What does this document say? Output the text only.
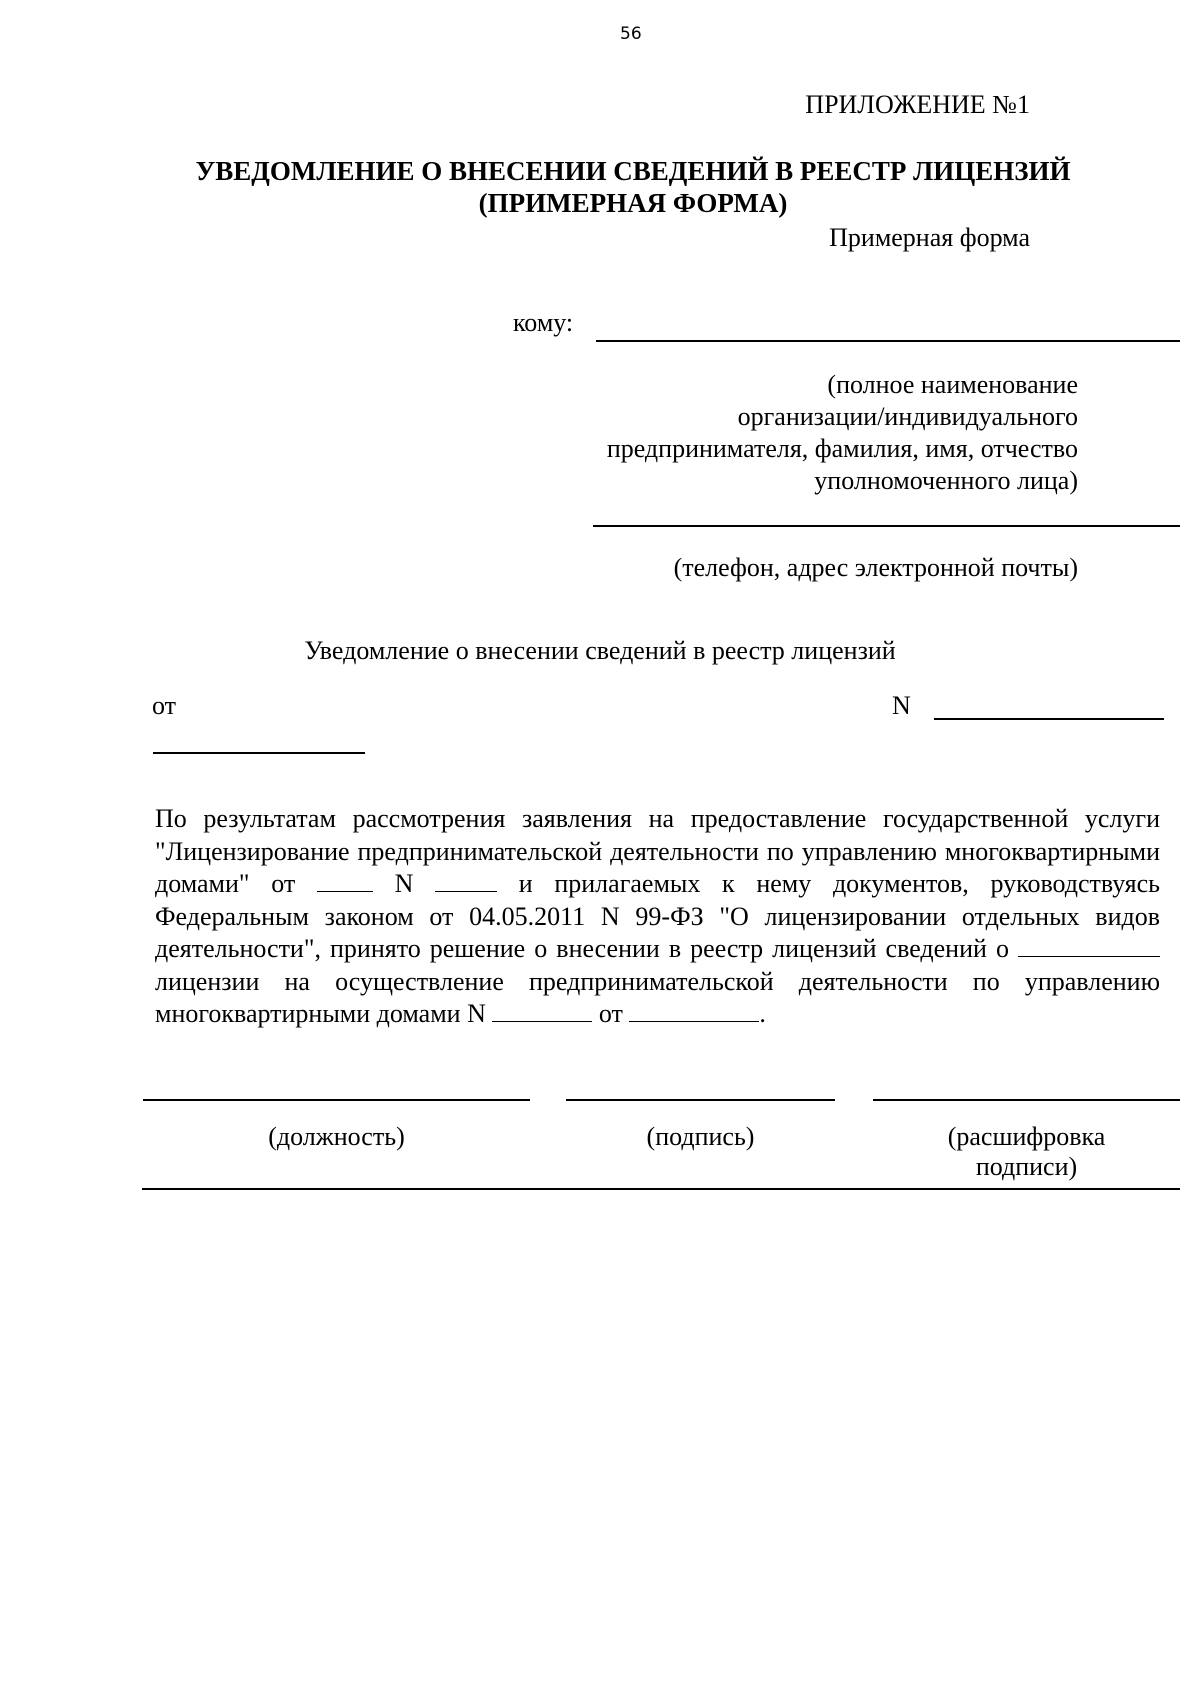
56
ПРИЛОЖЕНИЕ №1
УВЕДОМЛЕНИЕ О ВНЕСЕНИИ СВЕДЕНИЙ В РЕЕСТР ЛИЦЕНЗИЙ
(ПРИМЕРНАЯ ФОРМА)
Примерная форма
кому:
(полное наименование
организации/индивидуального
предпринимателя, фамилия, имя, отчество
уполномоченного лица)
(телефон, адрес электронной почты)
Уведомление о внесении сведений в реестр лицензий
от	N
По результатам рассмотрения заявления на предоставление государственной услуги "Лицензирование предпринимательской деятельности по управлению многоквартирными домами" от	N	и прилагаемых к нему документов, руководствуясь Федеральным законом от 04.05.2011 N 99-ФЗ "О лицензировании отдельных видов деятельности", принято решение о внесении в реестр лицензий сведений о  лицензии на осуществление предпринимательской деятельности по управлению многоквартирными домами N	от	.
(должность)	(подпись)	(расшифровка
подписи)
